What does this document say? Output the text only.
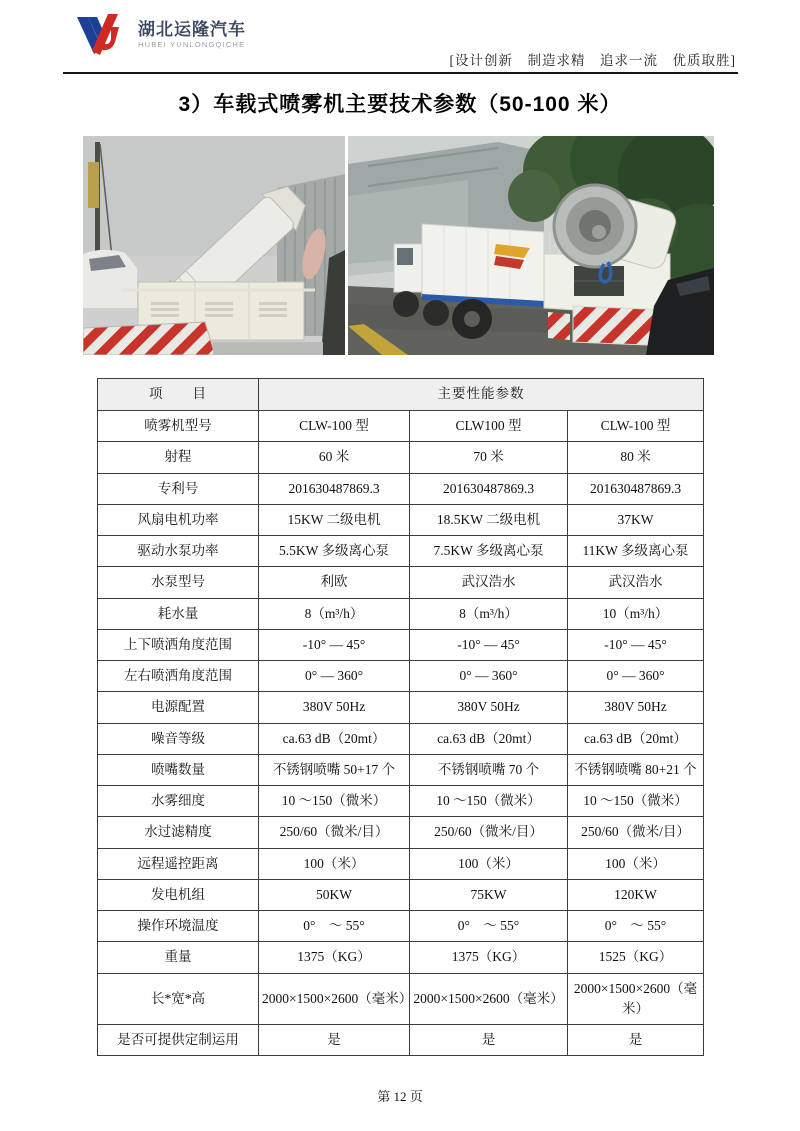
湖北运隆汽车
HUBEI YUNLONGQICHE
[设计创新　制造求精　追求一流　优质取胜]
3）车载式喷雾机主要技术参数（50-100 米）
项　　目	主要性能参数		
喷雾机型号	CLW-100 型	CLW100 型	CLW-100 型
射程	60 米	70 米	80 米
专利号	201630487869.3	201630487869.3	201630487869.3
风扇电机功率	15KW 二级电机	18.5KW 二级电机	37KW
驱动水泵功率	5.5KW 多级离心泵	7.5KW 多级离心泵	11KW 多级离心泵
水泵型号	利欧	武汉浩水	武汉浩水
耗水量	8（m³/h）	8（m³/h）	10（m³/h）
上下喷洒角度范围	-10° — 45°	-10° — 45°	-10° — 45°
左右喷洒角度范围	0° — 360°	0° — 360°	0° — 360°
电源配置	380V 50Hz	380V 50Hz	380V 50Hz
噪音等级	ca.63 dB（20mt）	ca.63 dB（20mt）	ca.63 dB（20mt）
喷嘴数量	不锈钢喷嘴 50+17 个	不锈钢喷嘴 70 个	不锈钢喷嘴 80+21 个
水雾细度	10 ～150（微米）	10 ～150（微米）	10 ～150（微米）
水过滤精度	250/60（微米/目）	250/60（微米/目）	250/60（微米/目）
远程遥控距离	100（米）	100（米）	100（米）
发电机组	50KW	75KW	120KW
操作环境温度	0°　～ 55°	0°　～ 55°	0°　～ 55°
重量	1375（KG）	1375（KG）	1525（KG）
长*宽*高	2000×1500×2600（毫米）	2000×1500×2600（毫米）	2000×1500×2600（毫米）
是否可提供定制运用	是	是	是
第 12 页
